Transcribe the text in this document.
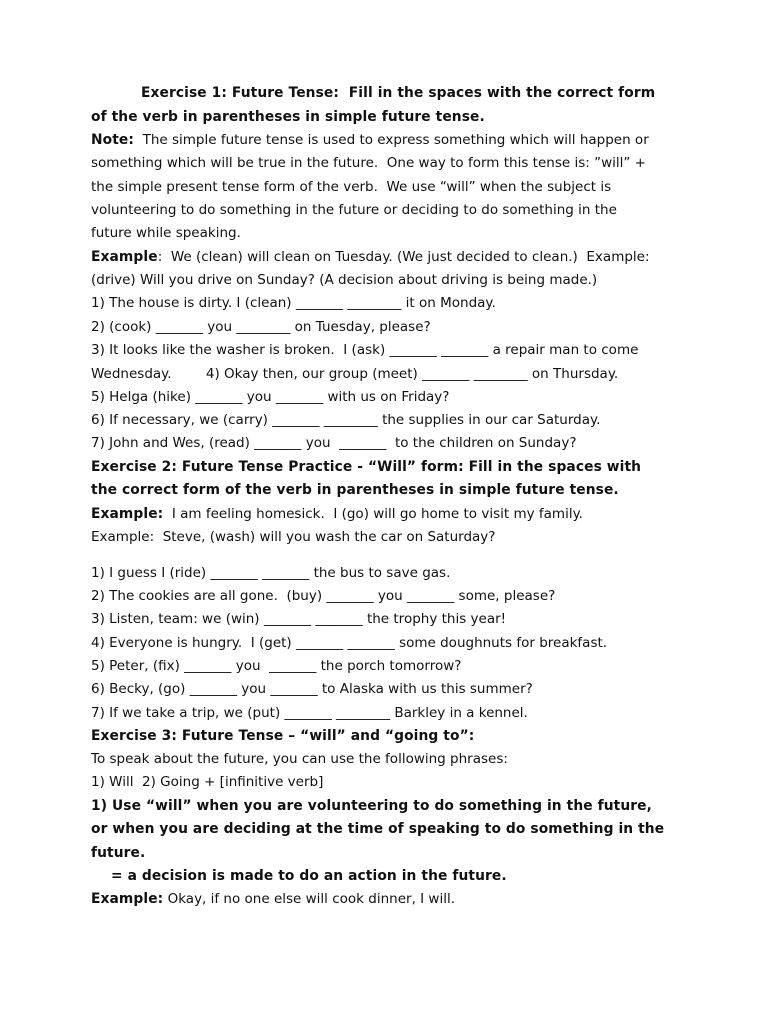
Exercise 1: Future Tense:  Fill in the spaces with the correct form

of the verb in parentheses in simple future tense.

Note:  The simple future tense is used to express something which will happen or

something which will be true in the future.  One way to form this tense is: ”will” +

the simple present tense form of the verb.  We use “will” when the subject is

volunteering to do something in the future or deciding to do something in the

future while speaking.

Example:  We (clean) will clean on Tuesday. (We just decided to clean.)  Example:

(drive) Will you drive on Sunday? (A decision about driving is being made.)

1) The house is dirty. I (clean) _______ ________ it on Monday.

2) (cook) _______ you ________ on Tuesday, please?

3) It looks like the washer is broken.  I (ask) _______ _______ a repair man to come

Wednesday.        4) Okay then, our group (meet) _______ ________ on Thursday.

5) Helga (hike) _______ you _______ with us on Friday?

6) If necessary, we (carry) _______ ________ the supplies in our car Saturday.

7) John and Wes, (read) _______ you  _______  to the children on Sunday?

Exercise 2: Future Tense Practice - “Will” form: Fill in the spaces with

the correct form of the verb in parentheses in simple future tense.

Example:  I am feeling homesick.  I (go) will go home to visit my family.

Example:  Steve, (wash) will you wash the car on Saturday?

1) I guess I (ride) _______ _______ the bus to save gas.

2) The cookies are all gone.  (buy) _______ you _______ some, please?

3) Listen, team: we (win) _______ _______ the trophy this year!

4) Everyone is hungry.  I (get) _______ _______ some doughnuts for breakfast.

5) Peter, (fix) _______ you  _______ the porch tomorrow?

6) Becky, (go) _______ you _______ to Alaska with us this summer?

7) If we take a trip, we (put) _______ ________ Barkley in a kennel.

Exercise 3: Future Tense – “will” and “going to”:

To speak about the future, you can use the following phrases:

1) Will  2) Going + [infinitive verb]

1) Use “will” when you are volunteering to do something in the future,

or when you are deciding at the time of speaking to do something in the

future.

= a decision is made to do an action in the future.

Example: Okay, if no one else will cook dinner, I will.
